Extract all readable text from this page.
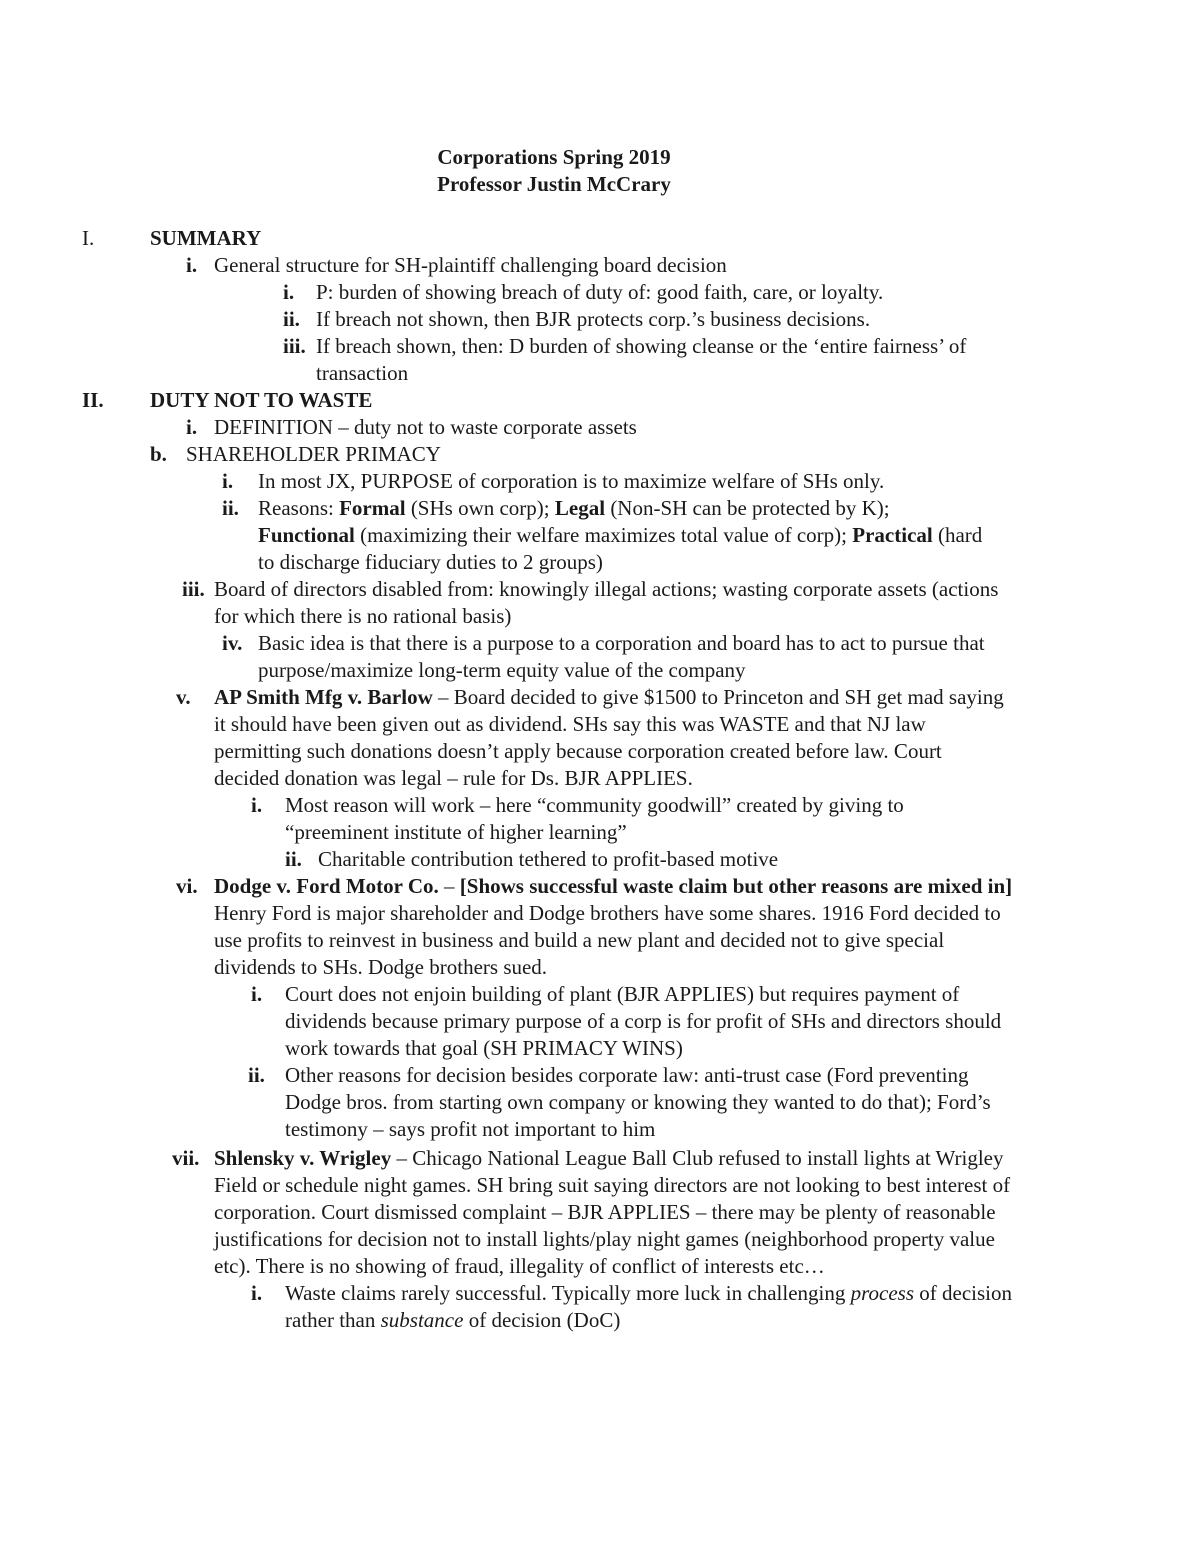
Corporations Spring 2019
Professor Justin McCrary
I.	SUMMARY
i. General structure for SH-plaintiff challenging board decision
i. P: burden of showing breach of duty of: good faith, care, or loyalty.
ii. If breach not shown, then BJR protects corp.’s business decisions.
iii. If breach shown, then: D burden of showing cleanse or the ‘entire fairness’ of
transaction
II. DUTY NOT TO WASTE
i. DEFINITION – duty not to waste corporate assets
b. SHAREHOLDER PRIMACY
i. In most JX, PURPOSE of corporation is to maximize welfare of SHs only.
ii. Reasons: Formal (SHs own corp); Legal (Non-SH can be protected by K);
Functional (maximizing their welfare maximizes total value of corp); Practical (hard
to discharge fiduciary duties to 2 groups)
iii. Board of directors disabled from: knowingly illegal actions; wasting corporate assets (actions
for which there is no rational basis)
iv. Basic idea is that there is a purpose to a corporation and board has to act to pursue that
purpose/maximize long-term equity value of the company
v. AP Smith Mfg v. Barlow – Board decided to give $1500 to Princeton and SH get mad saying
it should have been given out as dividend. SHs say this was WASTE and that NJ law
permitting such donations doesn’t apply because corporation created before law. Court
decided donation was legal – rule for Ds. BJR APPLIES.
i. Most reason will work – here “community goodwill” created by giving to
“preeminent institute of higher learning”
ii. Charitable contribution tethered to profit-based motive
vi. Dodge v. Ford Motor Co. – [Shows successful waste claim but other reasons are mixed in]
Henry Ford is major shareholder and Dodge brothers have some shares. 1916 Ford decided to
use profits to reinvest in business and build a new plant and decided not to give special
dividends to SHs. Dodge brothers sued.
i. Court does not enjoin building of plant (BJR APPLIES) but requires payment of
dividends because primary purpose of a corp is for profit of SHs and directors should
work towards that goal (SH PRIMACY WINS)
ii. Other reasons for decision besides corporate law: anti-trust case (Ford preventing
Dodge bros. from starting own company or knowing they wanted to do that); Ford’s
testimony – says profit not important to him
vii. Shlensky v. Wrigley – Chicago National League Ball Club refused to install lights at Wrigley
Field or schedule night games. SH bring suit saying directors are not looking to best interest of
corporation. Court dismissed complaint – BJR APPLIES – there may be plenty of reasonable
justifications for decision not to install lights/play night games (neighborhood property value
etc). There is no showing of fraud, illegality of conflict of interests etc…
i. Waste claims rarely successful. Typically more luck in challenging process of decision
rather than substance of decision (DoC)
